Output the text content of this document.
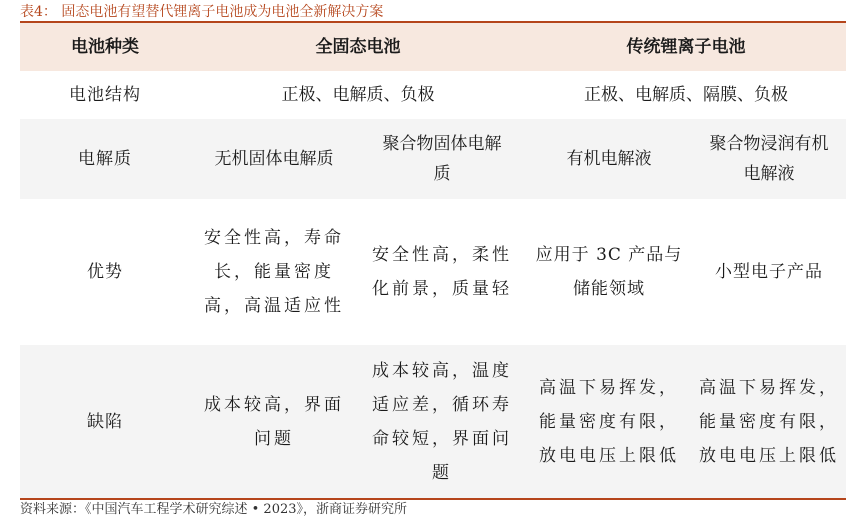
表4： 固态电池有望替代锂离子电池成为电池全新解决方案
电池种类	全固态电池		传统锂离子电池	
电池结构	正极、电解质、负极		正极、电解质、隔膜、负极	
电解质	无机固体电解质	聚合物固体电解质	有机电解液	聚合物浸润有机电解液

优势	安全性高，寿命长，能量密度高，高温适应性	安全性高，柔性化前景，质量轻	应用于 3C 产品与储能领域	小型电子产品
缺陷	成本较高，界面问题	成本较高，温度适应差，循环寿命较短，界面问题	高温下易挥发，能量密度有限，放电电压上限低	高温下易挥发，能量密度有限，放电电压上限低
资料来源：《中国汽车工程学术研究综述 • 2023》，浙商证券研究所
